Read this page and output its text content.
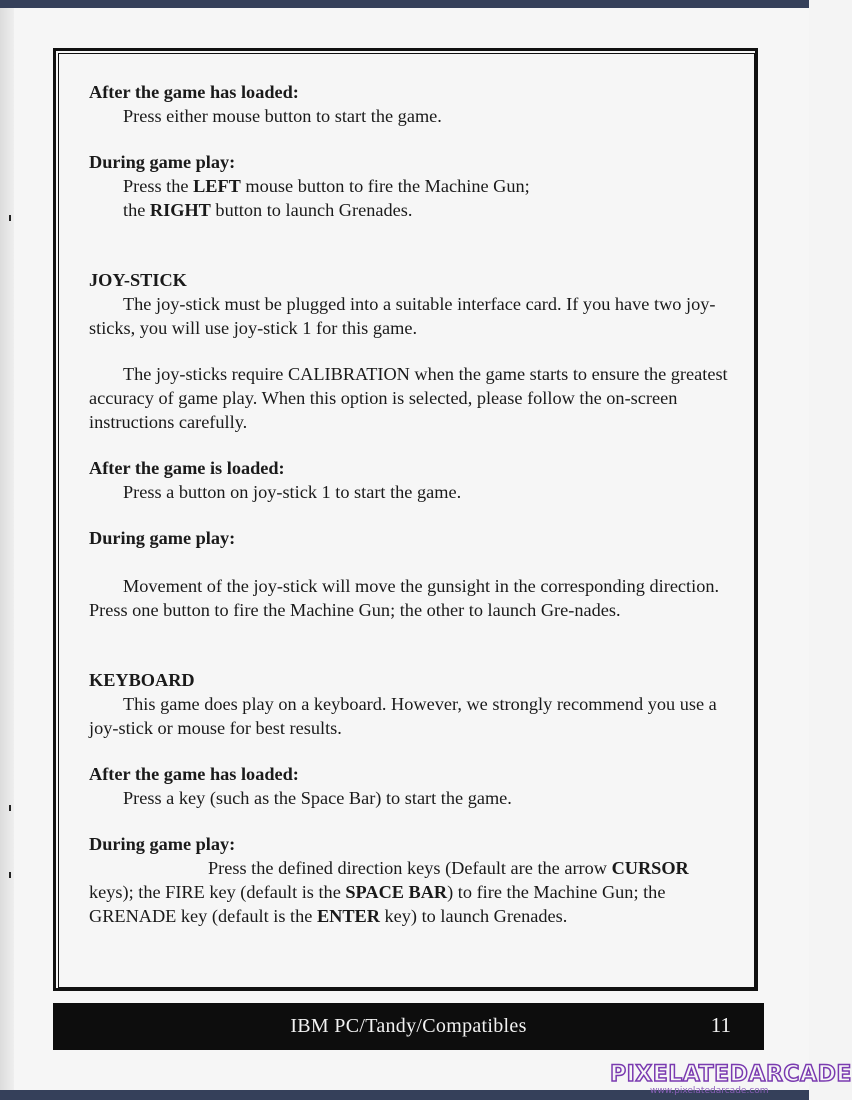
After the game has loaded:

Press either mouse button to start the game.

During game play:

Press the LEFT mouse button to fire the Machine Gun;

the RIGHT button to launch Grenades.

JOY-STICK

The joy-stick must be plugged into a suitable interface card. If you have two joy-sticks, you will use joy-stick 1 for this game.

The joy-sticks require CALIBRATION when the game starts to ensure the greatest accuracy of game play. When this option is selected, please follow the on-screen instructions carefully.

After the game is loaded:

Press a button on joy-stick 1 to start the game.

During game play:

Movement of the joy-stick will move the gunsight in the corresponding direction. Press one button to fire the Machine Gun; the other to launch Gre-nades.

KEYBOARD

This game does play on a keyboard. However, we strongly recommend you use a joy-stick or mouse for best results.

After the game has loaded:

Press a key (such as the Space Bar) to start the game.

During game play:

Press the defined direction keys (Default are the arrow CURSOR keys); the FIRE key (default is the SPACE BAR) to fire the Machine Gun; the GRENADE key (default is the ENTER key) to launch Grenades.

IBM PC/Tandy/Compatibles	11
PIXELATEDARCADE
www.pixelatedarcade.com
